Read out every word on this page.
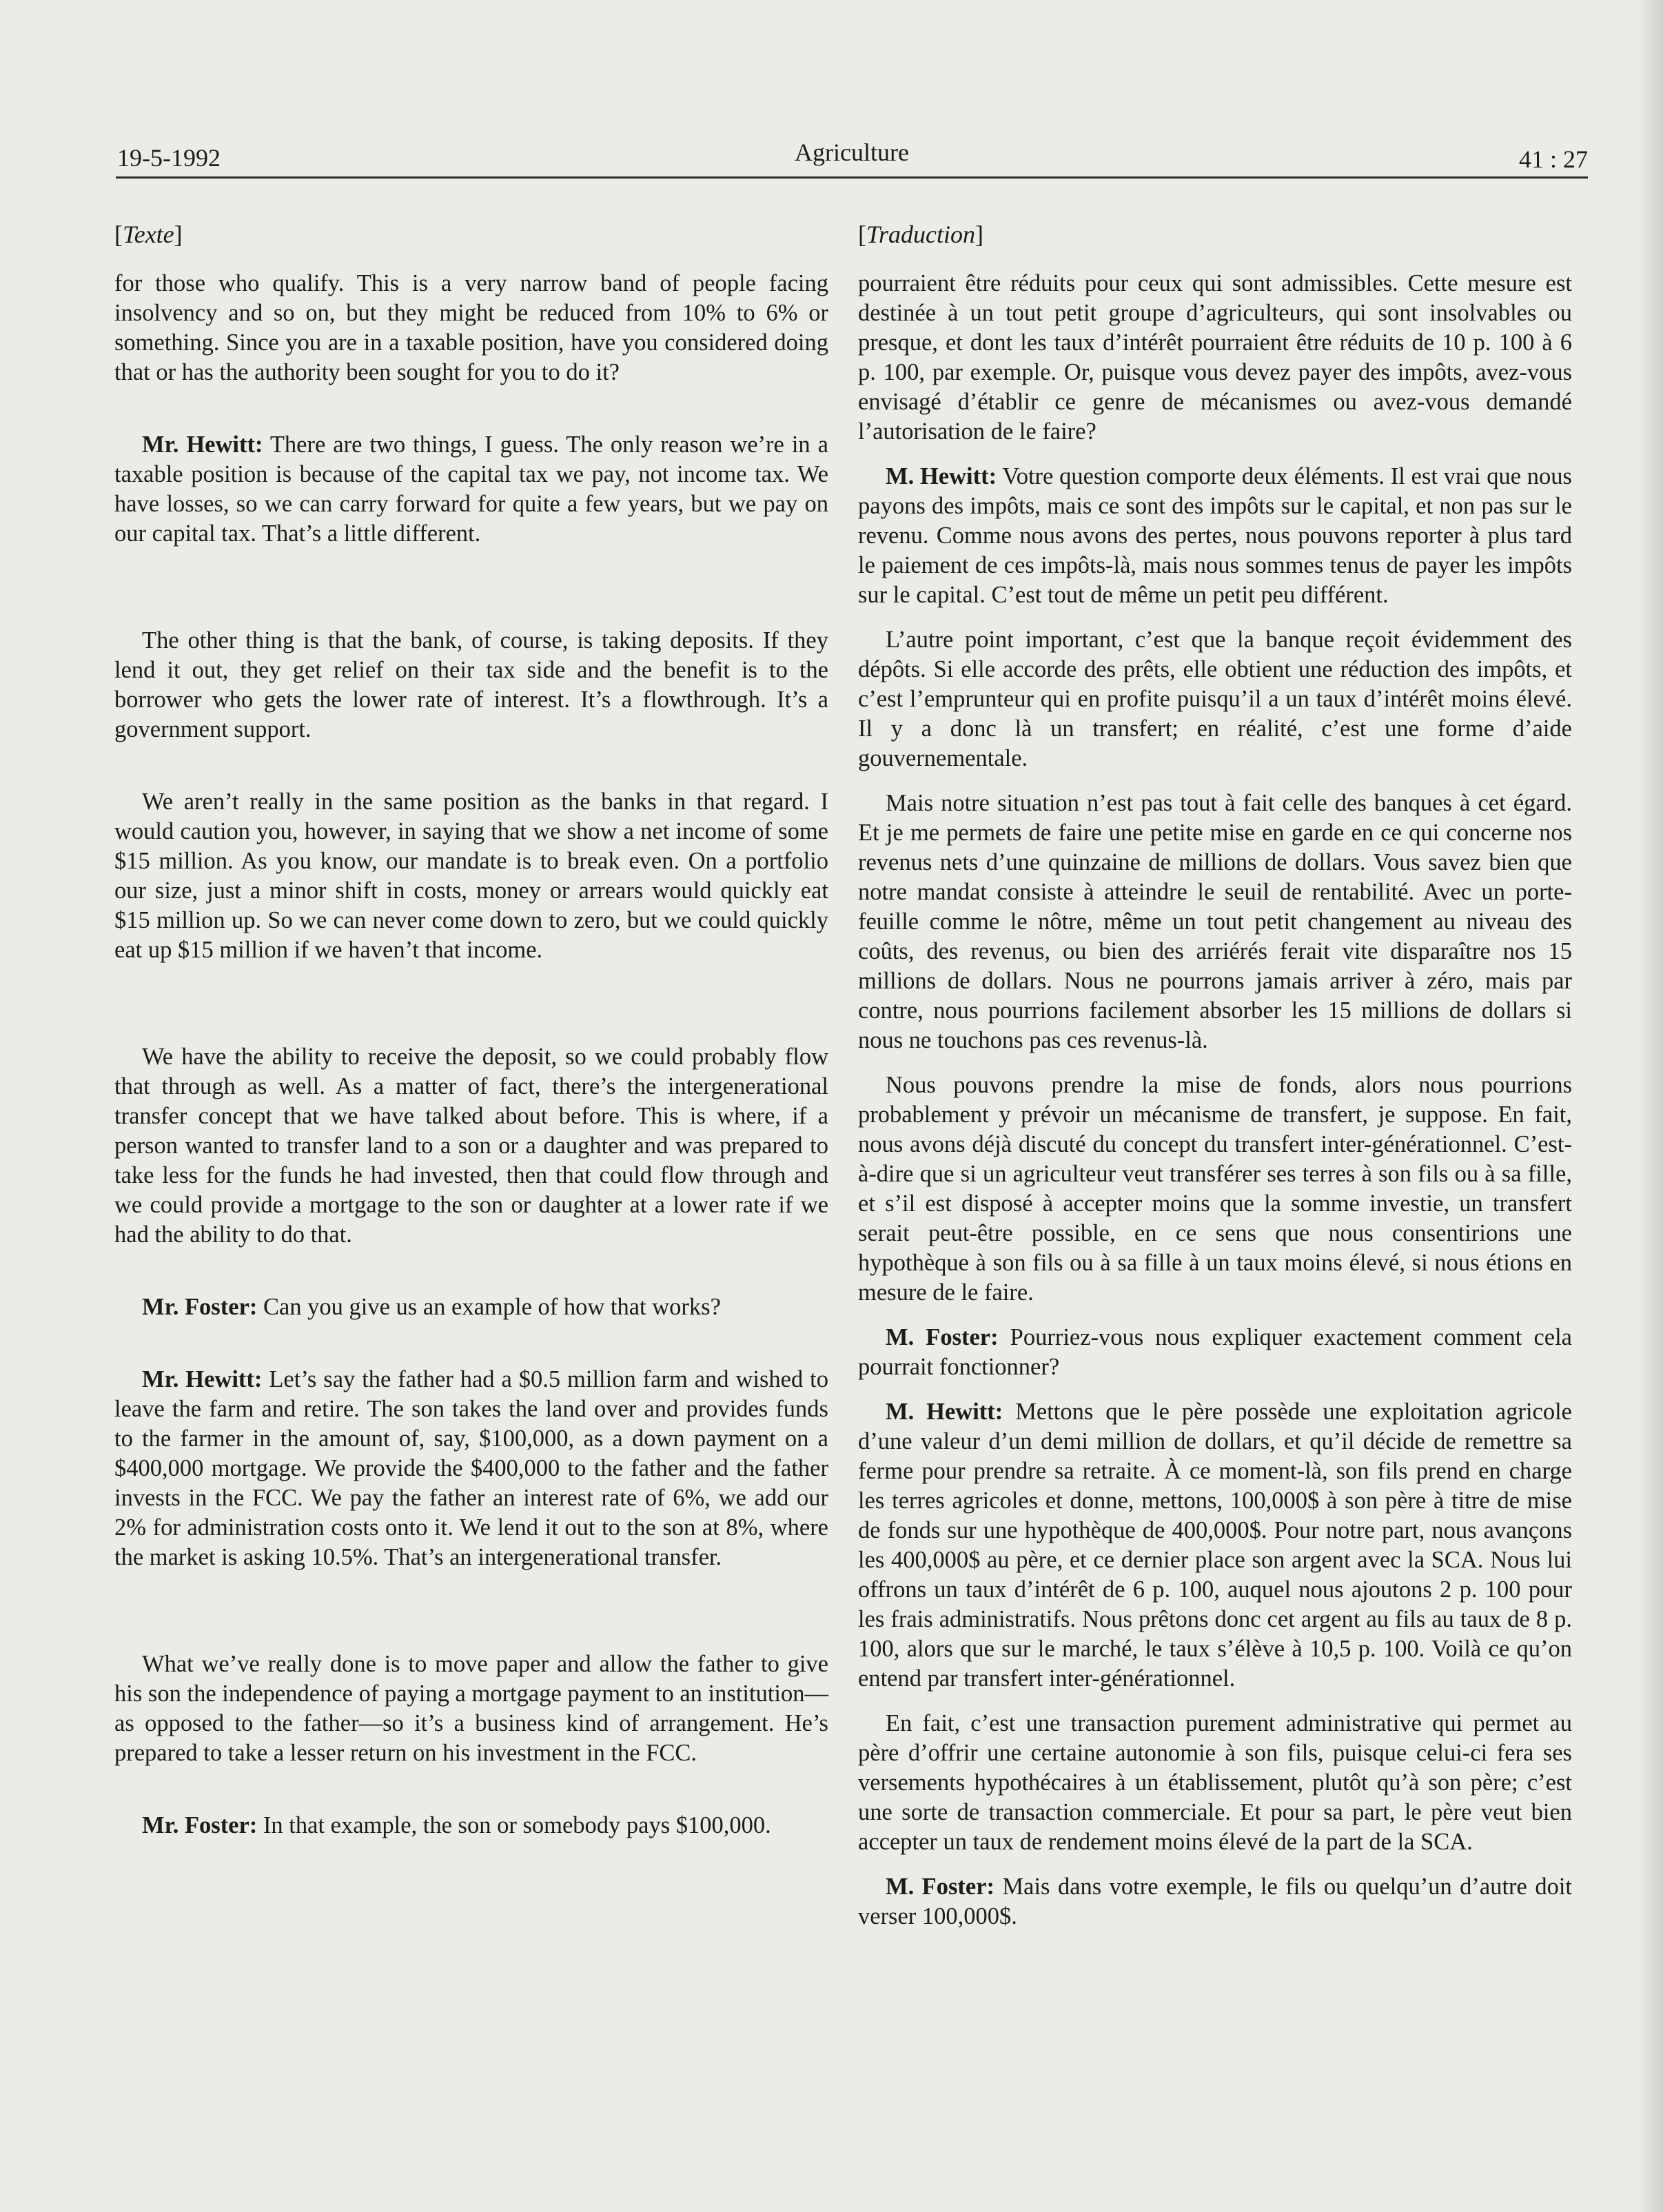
19-5-1992	Agriculture	41 : 27
[Texte]

for those who qualify. This is a very narrow band of people facing insolvency and so on, but they might be reduced from 10% to 6% or something. Since you are in a taxable position, have you considered doing that or has the authority been sought for you to do it?

Mr. Hewitt: There are two things, I guess. The only reason we’re in a taxable position is because of the capital tax we pay, not income tax. We have losses, so we can carry forward for quite a few years, but we pay on our capital tax. That’s a little different.

The other thing is that the bank, of course, is taking deposits. If they lend it out, they get relief on their tax side and the benefit is to the borrower who gets the lower rate of interest. It’s a flowthrough. It’s a government support.

We aren’t really in the same position as the banks in that regard. I would caution you, however, in saying that we show a net income of some $15 million. As you know, our mandate is to break even. On a portfolio our size, just a minor shift in costs, money or arrears would quickly eat $15 million up. So we can never come down to zero, but we could quickly eat up $15 million if we haven’t that income.

We have the ability to receive the deposit, so we could probably flow that through as well. As a matter of fact, there’s the intergenerational transfer concept that we have talked about before. This is where, if a person wanted to transfer land to a son or a daughter and was prepared to take less for the funds he had invested, then that could flow through and we could provide a mortgage to the son or daughter at a lower rate if we had the ability to do that.

Mr. Foster: Can you give us an example of how that works?

Mr. Hewitt: Let’s say the father had a $0.5 million farm and wished to leave the farm and retire. The son takes the land over and provides funds to the farmer in the amount of, say, $100,000, as a down payment on a $400,000 mortgage. We provide the $400,000 to the father and the father invests in the FCC. We pay the father an interest rate of 6%, we add our 2% for administration costs onto it. We lend it out to the son at 8%, where the market is asking 10.5%. That’s an intergenerational transfer.

What we’ve really done is to move paper and allow the father to give his son the independence of paying a mortgage payment to an institution—as opposed to the father—so it’s a business kind of arrangement. He’s prepared to take a lesser return on his investment in the FCC.

Mr. Foster: In that example, the son or somebody pays $100,000.

[Traduction]

pourraient être réduits pour ceux qui sont admissibles. Cette mesure est destinée à un tout petit groupe d’agriculteurs, qui sont insolvables ou presque, et dont les taux d’intérêt pourraient être réduits de 10 p. 100 à 6 p. 100, par exemple. Or, puisque vous devez payer des impôts, avez-vous envisagé d’établir ce genre de mécanismes ou avez-vous demandé l’autorisation de le faire?

M. Hewitt: Votre question comporte deux éléments. Il est vrai que nous payons des impôts, mais ce sont des impôts sur le capital, et non pas sur le revenu. Comme nous avons des pertes, nous pouvons reporter à plus tard le paiement de ces impôts-là, mais nous sommes tenus de payer les impôts sur le capital. C’est tout de même un petit peu différent.

L’autre point important, c’est que la banque reçoit évidemment des dépôts. Si elle accorde des prêts, elle obtient une réduction des impôts, et c’est l’emprunteur qui en profite puisqu’il a un taux d’intérêt moins élevé. Il y a donc là un transfert; en réalité, c’est une forme d’aide gouvernementale.

Mais notre situation n’est pas tout à fait celle des banques à cet égard. Et je me permets de faire une petite mise en garde en ce qui concerne nos revenus nets d’une quinzaine de millions de dollars. Vous savez bien que notre mandat consiste à atteindre le seuil de rentabilité. Avec un porte-feuille comme le nôtre, même un tout petit changement au niveau des coûts, des revenus, ou bien des arriérés ferait vite disparaître nos 15 millions de dollars. Nous ne pourrons jamais arriver à zéro, mais par contre, nous pourrions facilement absorber les 15 millions de dollars si nous ne touchons pas ces revenus-là.

Nous pouvons prendre la mise de fonds, alors nous pourrions probablement y prévoir un mécanisme de transfert, je suppose. En fait, nous avons déjà discuté du concept du transfert inter-générationnel. C’est-à-dire que si un agriculteur veut transférer ses terres à son fils ou à sa fille, et s’il est disposé à accepter moins que la somme investie, un transfert serait peut-être possible, en ce sens que nous consentirions une hypothèque à son fils ou à sa fille à un taux moins élevé, si nous étions en mesure de le faire.

M. Foster: Pourriez-vous nous expliquer exactement comment cela pourrait fonctionner?

M. Hewitt: Mettons que le père possède une exploitation agricole d’une valeur d’un demi million de dollars, et qu’il décide de remettre sa ferme pour prendre sa retraite. À ce moment-là, son fils prend en charge les terres agricoles et donne, mettons, 100,000$ à son père à titre de mise de fonds sur une hypothèque de 400,000$. Pour notre part, nous avançons les 400,000$ au père, et ce dernier place son argent avec la SCA. Nous lui offrons un taux d’intérêt de 6 p. 100, auquel nous ajoutons 2 p. 100 pour les frais administratifs. Nous prêtons donc cet argent au fils au taux de 8 p. 100, alors que sur le marché, le taux s’élève à 10,5 p. 100. Voilà ce qu’on entend par transfert inter-générationnel.

En fait, c’est une transaction purement administrative qui permet au père d’offrir une certaine autonomie à son fils, puisque celui-ci fera ses versements hypothécaires à un établissement, plutôt qu’à son père; c’est une sorte de transaction commerciale. Et pour sa part, le père veut bien accepter un taux de rendement moins élevé de la part de la SCA.

M. Foster: Mais dans votre exemple, le fils ou quelqu’un d’autre doit verser 100,000$.
